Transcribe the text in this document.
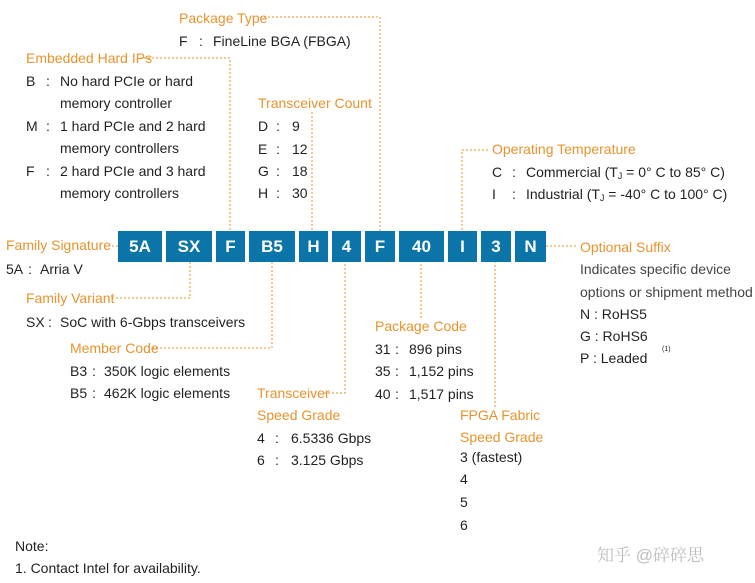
5A	SX	F	B5	H	4	F	40	I	3	N
Package Type
F : FineLine BGA (FBGA)
Embedded Hard IPs
B : No hard PCIe or hard
memory controller
M : 1 hard PCIe and 2 hard
memory controllers
F : 2 hard PCIe and 3 hard
memory controllers
Transceiver Count
D : 9
E : 12
G : 18
H : 30
Operating Temperature
C : Commercial ($T_J = 0^\circ$ C to 85° C)
I : Industrial ($T_J = -40^\circ$ C to 100° C)
Family Signature
5A : Arria V
Optional Suffix
Indicates specific device
options or shipment method
N : RoHS5
G : RoHS6
P : Leaded
(1)
Family Variant
SX : SoC with 6-Gbps transceivers	Package Code
31 : 896 pins
35 : 1,152 pins
40 : 1,517 pins
Member Code
B3 : 350K logic elements
B5 : 462K logic elements Transceiver
Speed Grade
4 : 6.5336 Gbps
6 : 3.125 Gbps
FPGA Fabric
Speed Grade
3 (fastest)
4
5
6
Note:
1. Contact Intel for availability.
知乎 @碎碎思
